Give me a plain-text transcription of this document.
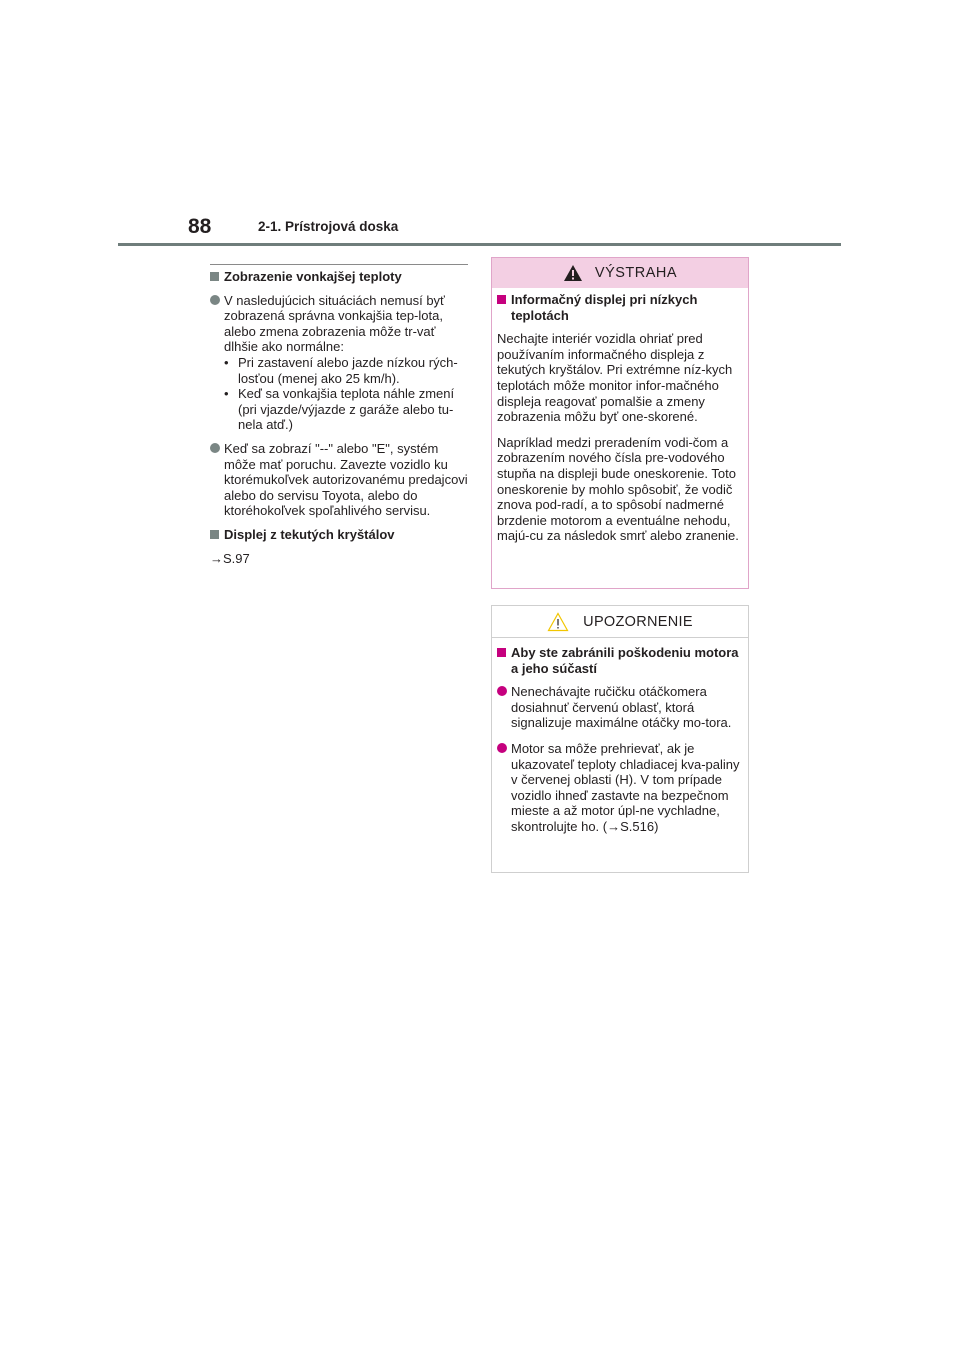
88	2-1. Prístrojová doska
Zobrazenie vonkajšej teploty
V nasledujúcich situáciách nemusí byť zobrazená správna vonkajšia tep-lota, alebo zmena zobrazenia môže tr-vať dlhšie ako normálne:
• Pri zastavení alebo jazde nízkou rých-losťou (menej ako 25 km/h).
• Keď sa vonkajšia teplota náhle zmení (pri vjazde/výjazde z garáže alebo tu-nela atď.)
Keď sa zobrazí "--" alebo "E", systém môže mať poruchu. Zavezte vozidlo ku ktorémukoľvek autorizovanému predajcovi alebo do servisu Toyota, alebo do ktoréhokoľvek spoľahlivého servisu.
Displej z tekutých kryštálov

→S.97

VÝSTRAHA
Informačný displej pri nízkych teplotách

Nechajte interiér vozidla ohriať pred používaním informačného displeja z tekutých kryštálov. Pri extrémne níz-kych teplotách môže monitor infor-mačného displeja reagovať pomalšie a zmeny zobrazenia môžu byť one-skorené.

Napríklad medzi preradením vodi-čom a zobrazením nového čísla pre-vodového stupňa na displeji bude oneskorenie. Toto oneskorenie by mohlo spôsobiť, že vodič znova pod-radí, a to spôsobí nadmerné brzdenie motorom a eventuálne nehodu, majú-cu za následok smrť alebo zranenie.

UPOZORNENIE
Aby ste zabránili poškodeniu motora a jeho súčastí
Nenechávajte ručičku otáčkomera dosiahnuť červenú oblasť, ktorá signalizuje maximálne otáčky mo-tora.
Motor sa môže prehrievať, ak je ukazovateľ teploty chladiacej kva-paliny v červenej oblasti (H). V tom prípade vozidlo ihneď zastavte na bezpečnom mieste a až motor úpl-ne vychladne, skontrolujte ho. (→S.516)
